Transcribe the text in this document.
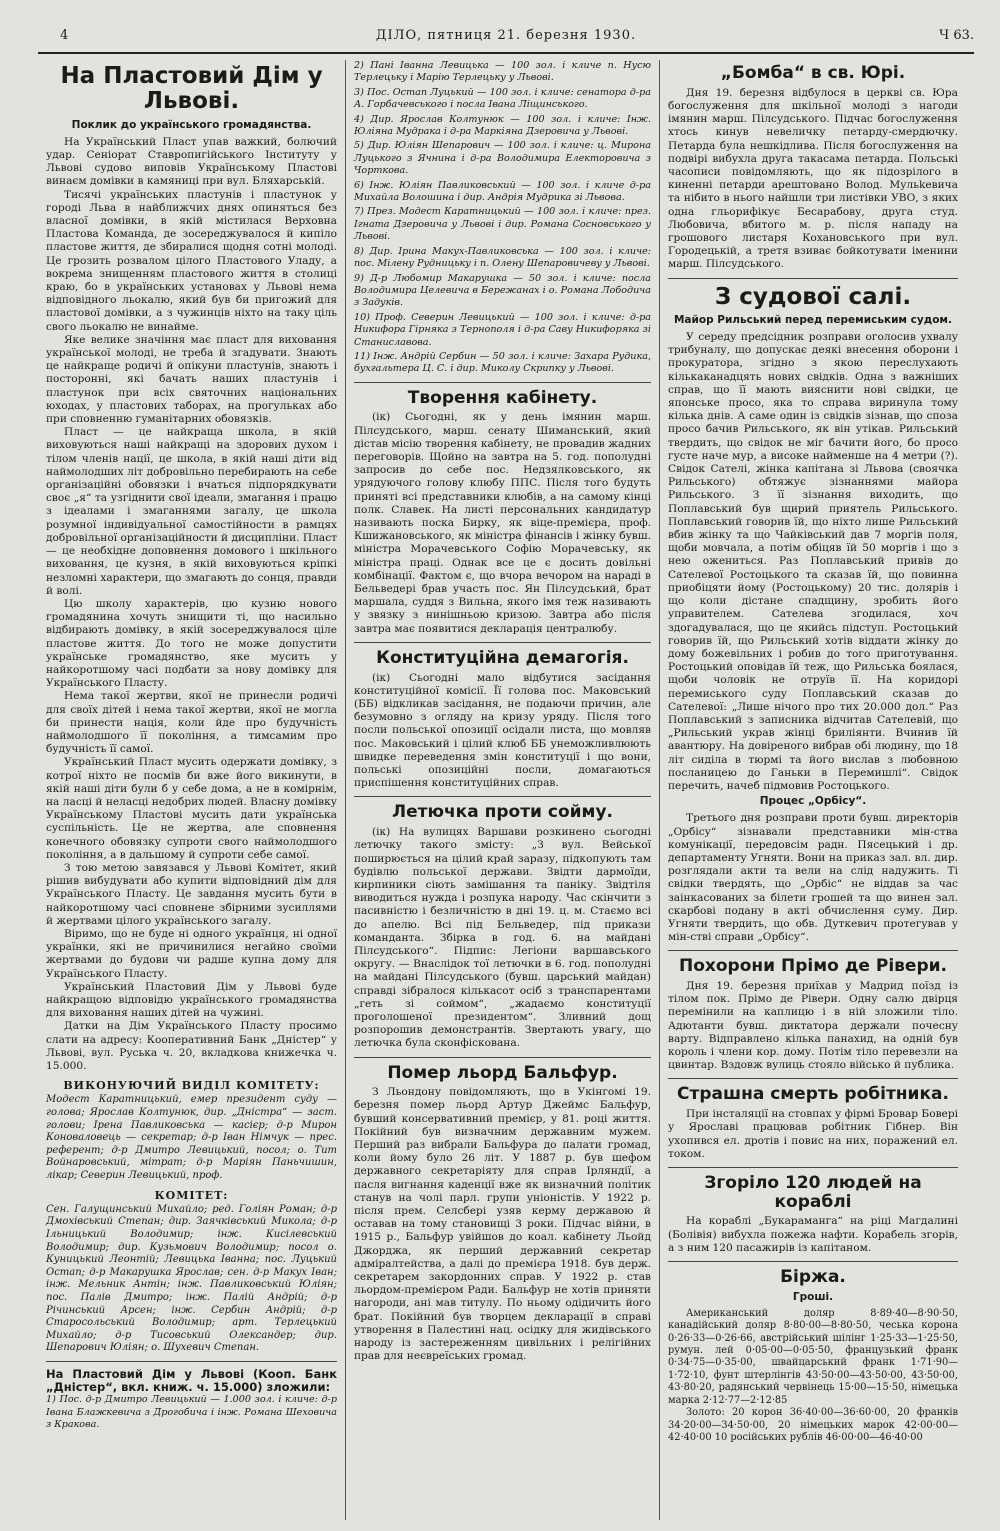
4	ДІЛО, пятниця 21. березня 1930.	Ч 63.
На Пластовий Дім у Львові.
Поклик до українського громадянства.

На Український Пласт упав важкий, болючий удар. Сеніорат Ставропигійського Інституту у Львові судово виповів Українському Пластові винаєм домівки в камяниці при вул. Бляхарській.

Тисячі українських пластунів і пластунок у городі Льва в найближчих днях опиняться без власної домівки, в якій містилася Верховна Пластова Команда, де зосереджувалося й кипіло пластове життя, де збиралися щодня сотні молоді. Це грозить розвалом цілого Пластового Уладу, а вокрема знищенням пластового життя в столиці краю, бо в українських установах у Львові нема відповідного льокалю, який був би пригожий для пластової домівки, а з чужинців ніхто на таку ціль свого льокалю не винайме.

Яке велике значіння має пласт для виховання української молоді, не треба й згадувати. Знають це найкраще родичі й опікуни пластунів, знають і посторонні, які бачать наших пластунів і пластунок при всіх святочних національних юходах, у пластових таборах, на прогульках або при сповненню гуманітарних обовязків.

Пласт — це найкраща школа, в якій виховуються наші найкращі на здорових духом і тілом членів нації, це школа, в якій наші діти від наймолодших літ добровільно перебирають на себе організаційні обовязки і вчаться підпорядкувати своє „я“ та узгіднити свої ідеали, змагання і працю з ідеалами і змаганнями загалу, це школа розумної індивідуальної самостійности в рамцях добровільної організаційности й дисципліни. Пласт — це необхідне доповнення домового і шкільного виховання, це кузня, в якій виховуються кріпкі незломні характери, що змагають до сонця, правди й волі.

Цю школу характерів, цю кузню нового громадянина хочуть знищити ті, що насильно відбирають домівку, в якій зосереджувалося ціле пластове життя. До того не може допустити українське громадянство, яке мусить у найкоротшому часі подбати за нову домівку для Українського Пласту.

Нема такої жертви, якої не принесли родичі для своїх дітей і нема такої жертви, якої не могла би принести нація, коли йде про будучність наймолодшого її покоління, а тимсамим про будучність її самої.

Український Пласт мусить одержати домівку, з котрої ніхто не посмів би вже його викинути, в якій наші діти були б у себе дома, а не в комірнім, на ласці й неласці недобрих людей. Власну домівку Українському Пластові мусить дати українська суспільність. Це не жертва, але сповнення конечного обовязку супроти свого наймолодшого покоління, а в дальшому й супроти себе самої.

З тою метою завязався у Львові Комітет, який рішив вибудувати або купити відповідний дім для Українського Пласту. Це завдання мусить бути в найкоротшому часі сповнене збірними зусиллями й жертвами цілого українського загалу.

Віримо, що не буде ні одного українця, ні одної українки, які не причинилися негайно своїми жертвами до будови чи радше купна дому для Українського Пласту.

Український Пластовий Дім у Львові буде найкращою відповідю українського громадянства для виховання наших дітей на чужині.

Датки на Дім Українського Пласту просимо слати на адресу: Кооперативний Банк „Дністер“ у Львові, вул. Руська ч. 20, вкладкова книжечка ч. 15.000.

ВИКОНУЮЧИЙ ВИДІЛ КОМІТЕТУ:

Модест Каратницький, емер президент суду — голова; Ярослав Колтунюк, дир. „Дністра“ — заст. голови; Ірена Павликовська — касієр; д-р Мирон Коноваловець — секретар; д-р Іван Німчук — прес. референт; д-р Дмитро Левицький, посол; о. Тит Войнаровський, мітрат; д-р Маріян Паньчишин, лікар; Северин Левицький, проф.

КОМІТЕТ:

Сен. Галущинський Михайло; ред. Голіян Роман; д-р Дмохівський Степан; дир. Заячківський Микола; д-р Ільницький Володимир; інж. Кисілевський Володимир; дир. Кузьмович Володимир; посол о. Куницький Леонтій; Левицька Іванна; пос. Луцький Остап; д-р Макарушка Ярослав; сен. д-р Макух Іван; інж. Мельник Антін; інж. Павликовський Юліян; пос. Палів Дмитро; інж. Палій Андрій; д-р Річинський Арсен; інж. Сербин Андрій; д-р Старосольський Володимир; арт. Терлецький Михайло; д-р Тисовський Олександер; дир. Шепарович Юліян; о. Шухевич Степан.

На Пластовий Дім у Львові (Кооп. Банк „Дністер“, вкл. книж. ч. 15.000) зложили:

1) Пос. д-р Дмитро Левицький — 1.000 зол. і кличе: д-р Івана Блажкевича з Дрогобича і інж. Романа Шеховича з Кракова.

2) Пані Іванна Левицька — 100 зол. і кличе п. Нусю Терлецьку і Марію Терлецьку у Львові.

3) Пос. Остап Луцький — 100 зол. і кличе: сенатора д-ра А. Горбачевського і посла Івана Ліщинського.

4) Дир. Ярослав Колтунюк — 100 зол. і кличе: Інж. Юліяна Мудрака і д-ра Маркіяна Дзеровича у Львові.

5) Дир. Юліян Шепарович — 100 зол. і кличе: ц. Мирона Луцького з Ячнина і д-ра Володимира Електоровича з Чорткова.

6) Інж. Юліян Павликовський — 100 зол. і кличе д-ра Михайла Волошина і дир. Андрія Мудрика зі Львова.

7) През. Модест Каратницький — 100 зол. і кличе: през. Ігната Дзеровича у Львові і дир. Романа Сосновського у Львові.

8) Дир. Ірина Макух-Павликовська — 100 зол. і кличе: пос. Мілену Рудницьку і п. Олену Шепаровичеву у Львові.

9) Д-р Любомир Макарушка — 50 зол. і кличе: посла Володимира Целевича в Бережанах і о. Романа Лободича з Задуків.

10) Проф. Северин Левицький — 100 зол. і кличе: д-ра Никифора Гірняка з Тернополя і д-ра Саву Никифоряка зі Станиславова.

11) Інж. Андрій Сербин — 50 зол. і кличе: Захара Рудика, бухгальтера Ц. С. і дир. Миколу Скрипку у Львові.

Творення кабінету.

(ік) Сьогодні, як у день імянин марш. Пілсудського, марш. сенату Шиманський, який дістав місію творення кабінету, не провадив жадних переговорів. Щойно на завтра на 5. год. пополудні запросив до себе пос. Недзялковського, як урядуючого голову клюбу ППС. Після того будуть принятi всі представники клюбів, а на самому кінці полк. Славек. На листі персональних кандидатур називають поска Бирку, як віце-премієра, проф. Кшижановського, як міністра фінансів і жінку бувш. міністра Морачевського Софію Морачевську, як міністра праці. Однак все це є досить довільні комбінації. Фактом є, що вчора вечором на нараді в Бельведері брав участь пос. Ян Пілсудський, брат маршала, суддя з Вильна, якого імя теж називають у звязку з нинішньою кризою. Завтра або після завтра має появитися декларація централюбу.

Конституційна демагогія.

(ік) Сьогодні мало відбутися засідання конституційної комісії. Її голова пос. Маковський (ББ) відкликав засідання, не подаючи причин, але безумовно з огляду на кризу уряду. Після того посли польської опозиції οсідали листа, що мовляв пос. Маковський і цілий клюб ББ унеможливлюють швидке переведення змін конституції і що вони, польські опозиційні посли, домагаються приспішення конституційних справ.

Летючка проти сойму.

(ік) На вулицях Варшави розкинено сьогодні летючку такого змісту: „З вул. Вейської поширюється на цілий край заразу, підкопують там будівлю польської держави. Звідти дармоїди, кирпиники сіють замішання та паніку. Звідтіля виводиться нужда і розпука народу. Час скінчити з пасивністю і безличністю в дні 19. ц. м. Стаємо всі до апелю. Всі під Бельведер, під прикази команданта. Збірка в год. 6. на майдані Пілсудського“. Підпис: Легіони варшавського округу. — Внаслідок тої летючки в 6. год. пополудні на майдані Пілсудського (бувш. царський майдан) справді зібралося кількасот осіб з транспарентами „геть зі соймом“, „жадаємо конституції проголошеної президентом“. Зливний дощ розпорошив демонстрантів. Звертають увагу, що летючка була сконфіскована.

Помер льорд Бальфур.

З Льондону повідомляють, що в Укінгомі 19. березня помер льорд Артур Джеймс Бальфур, бувший консервативний премієр, у 81. році життя. Покійний був визначним державним мужем. Перший раз вибрали Бальфура до палати громад, коли йому було 26 літ. У 1887 р. був шефом державного секретаріяту для справ Ірляндії, а пасля вигнання каденції вже як визначний політик станув на чолі парл. групи уніоністів. У 1922 р. після прем. Селсбері узяв керму державою й оставав на тому становищі 3 роки. Підчас війни, в 1915 р., Бальфур увійшов до коал. кабінету Льойд Джорджа, як перший державний секретар адміралтейства, а далі до премієра 1918. був держ. секретарем закордонних справ. У 1922 р. став льордом-премієром Ради. Бальфур не хотів приняти нагороди, ані мав титулу. По ньому одідичить його брат. Покійний був творцем декларації в справі утворення в Палестині нац. осідку для жидівського народу із застереженням цивільних і релігійних прав для неєвреїських громад.

„Бомба“ в св. Юрі.

Дня 19. березня відбулося в церкві св. Юра богослуження для шкільної молоді з нагоди імянин марш. Пілсудського. Підчас богослуження хтось кинув невеличку петарду-смердючку. Петарда була нешкідлива. Після богослуження на подвірі вибухла друга такасама петарда. Польські часописи повідомляють, що як підозрілого в киненні петарди арештовано Волод. Мульkевича та нібито в нього найшли три листівки УВО, з яких одна гльорифікує Бесарабову, друга студ. Любовича, вбитого м. р. після нападу на грошового листаря Кохановського при вул. Городецькій, а третя взиває бойкотувати іменини марш. Пілсудського.

З судової салі.
Майор Рильський перед перемиським судом.

У середу предсідник розправи оголосив ухвалу трибуналу, що допускає деякі внесення оборони і прокуратора, згідно з якою переслухають кількаканадцять нових свідків. Одна з важніших справ, що її мають вияснити нові свідки, це японське просо, яка то справа виринула тому кілька днів. А саме один із свідків зізнав, що споза просо бачив Рильського, як він утікав. Рильський твердить, що свідок не міг бачити його, бо просо густе наче мур, а високе найменше на 4 метри (?). Свідок Сателі, жінка капітана зі Львова (своячка Рильського) обтяжує зізнаннями майора Рильського. З її зізнання виходить, що Поплавський був щирий приятель Рильського. Поплавський говорив їй, що ніхто лише Рильський вбив жінку та що Чайківський дав 7 моргів поля, щоби мовчала, а потім обіцяв їй 50 моргів і що з нею ожениться. Раз Поплавський привів до Сателевої Ростоцького та сказав їй, що повинна приобіцяти йому (Ростоцькому) 20 тис. долярів і що коли дістане спадщину, зробить його управителем. Сателева згодилася, хоч здогадувалася, що це якийсь підступ. Ростоцький говорив їй, що Рильський хотів віддати жінку до дому божевільних і робив до того приготування. Ростоцький оповідав їй теж, що Рильська боялася, щоби чоловік не отруїв її. На коридорі перемиського суду Поплавський сказав до Сателевої: „Лише нічого про тих 20.000 дол.“ Раз Поплавський з записника відчитав Сателевій, що „Рильський украв жінці бриліянти. Вчинив їй авантюру. На довіреного вибрав обі людину, що 18 літ сиділа в тюрмі та його вислав з любовною посланицею до Ганьки в Перемишлі“. Свідок перечить, начеб підмовив Ростоцького.

Процес „Орбісу“.

Третього дня розправи проти бувш. директорів „Орбісу“ зізнавали представники мін-ства комунікації, передовсім радн. Пясецький і др. департаменту Угняти. Вони на приказ зал. вл. дир. розглядали акти та вели на слід надужить. Ті свідки твердять, що „Орбіс“ не віддав за час заінкасованих за білети грошей та що винен зал. скарбові подану в акті обчислення суму. Дир. Угняти твердить, що обв. Дуткевич протегував у мін-стві справи „Орбісу“.

Похорони Прімо де Рівери.

Дня 19. березня приїхав у Мадрид поїзд із тілом пок. Прімо де Рівери. Одну салю двірця перемінили на каплицю і в ній зложили тіло. Адютанти бувш. диктатора держали почесну варту. Відправлено кілька панахид, на одній був король і члени кор. дому. Потім тіло перевезли на цвинтар. Вздовж вулиць стояло військо й публика.

Страшна смерть робітника.

При інсталяції на стовпах у фірмі Бровар Бовері у Ярославі працював робітник Гібнер. Він ухопився ел. дротів і повис на них, поражений ел. током.

Згоріло 120 людей на кораблі

На кораблі „Букараманга“ на ріці Магдалині (Болівія) вибухла пожежа нафти. Корабель згорів, а з ним 120 пасажирів із капітаном.

Біржа.
Гроші.

Американський доляр 8·89·40—8·90·50, канадійський доляр 8·80·00—8·80·50, чеська корона 0·26·33—0·26·66, австрійський шілінг 1·25·33—1·25·50, румун. лей 0·05·00—0·05·50, французький франк 0·34·75—0·35·00, швайцарський франк 1·71·90—1·72·10, фунт штерлінгів 43·50·00—43·50·00, 43·50·00, 43·80·20, радянський червінець 15·00—15·50, німецька марка 2·12·77—2·12·85

Золото: 20 корон 36·40·00—36·60·00, 20 франків 34·20·00—34·50·00, 20 німецьких марок 42·00·00—42·40·00 10 російських рублів 46·00·00—46·40·00
